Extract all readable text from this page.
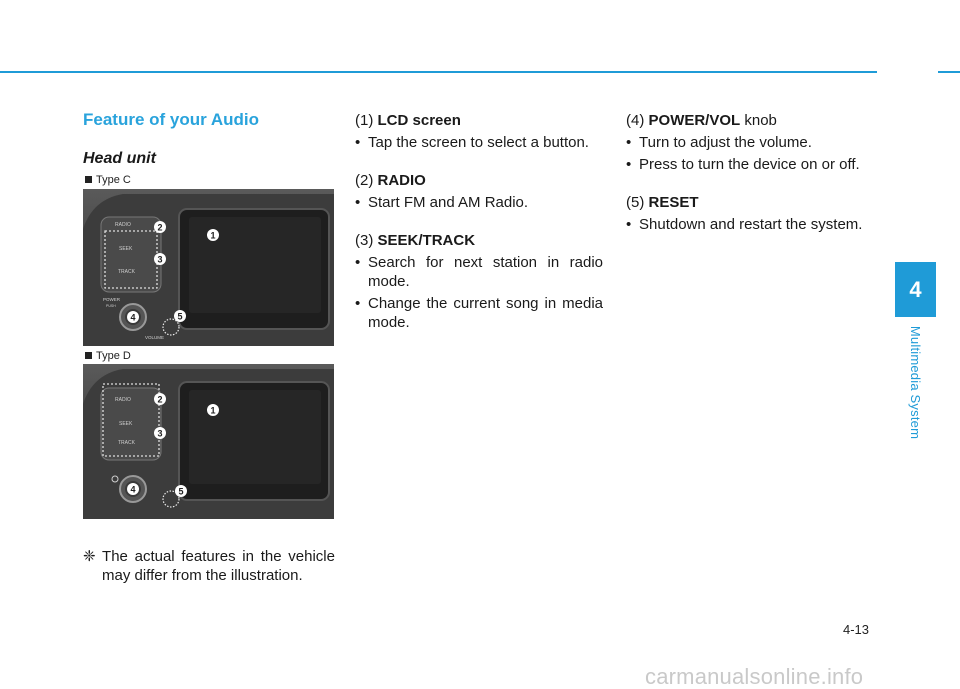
Feature of your Audio
Head unit
Type C
RADIO
SEEK
TRACK
POWER
PUSH
VOLUME
1
2
3
4	5
Type D
RADIO
SEEK
TRACK
1
2
3
4	5
❈ The actual features in the vehicle may differ from the illustration.
(1) LCD screen
• Tap the screen to select a button.
(2) RADIO
• Start FM and AM Radio.
(3) SEEK/TRACK
• Search for next station in radio mode.
• Change the current song in media mode.
(4) POWER/VOL knob
• Turn to adjust the volume.
• Press to turn the device on or off.
(5) RESET
• Shutdown and restart the system.
4
Multimedia System
4-13
carmanualsonline.info
